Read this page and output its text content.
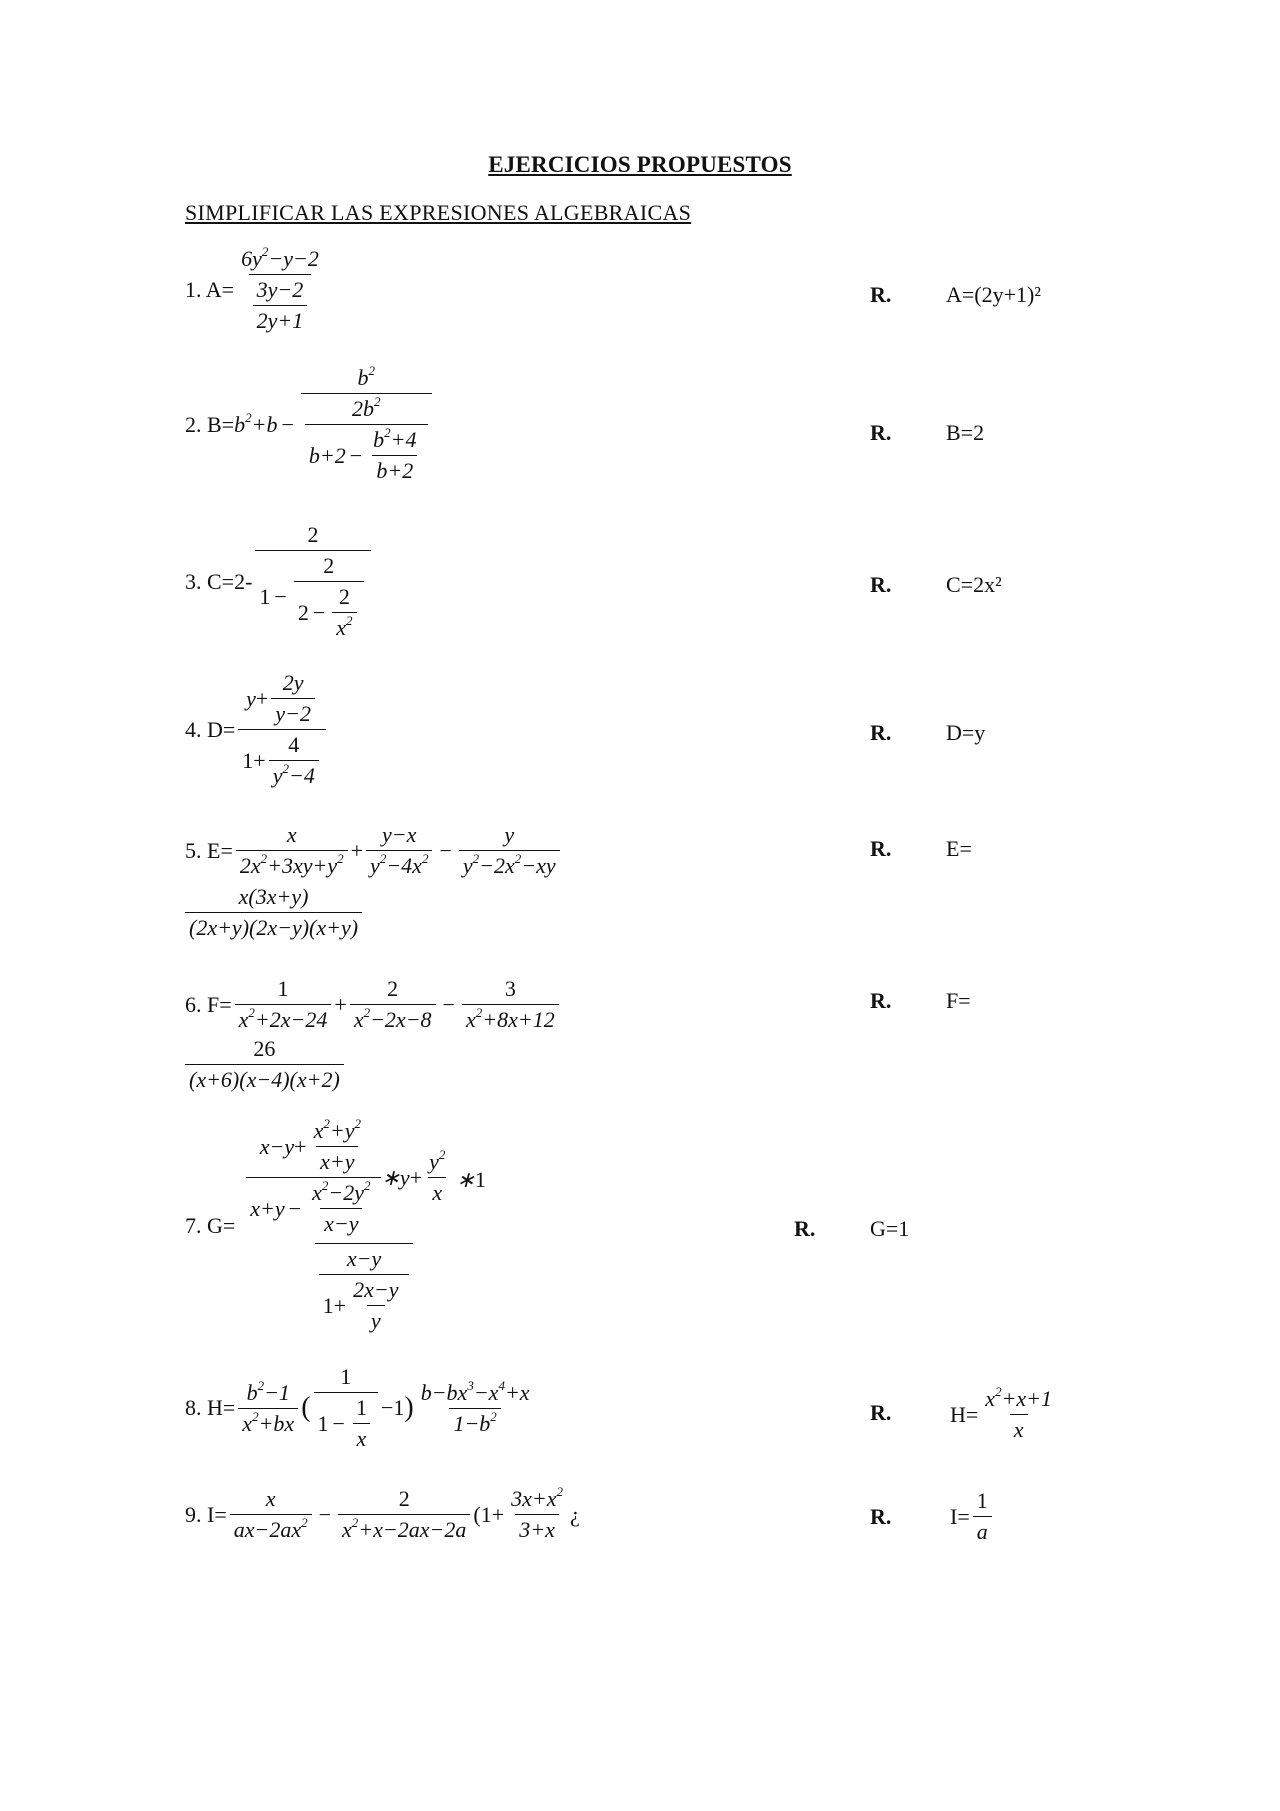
EJERCICIOS PROPUESTOS
SIMPLIFICAR LAS EXPRESIONES ALGEBRAICAS
1. $A= \frac{6y^2-y-2}{\frac{3y-2}{2y+1}}$	R. A=(2y+1)²
2. $B= b^2+b$ −
$b^2$
$\frac{2b^2}{b+2 - \frac{b^2+4}{b+2}}$	R. B=2
3. C=2-
2
$1 - \frac{2}{2 - \frac{2}{x^2}}$	R. C=2x²
4. $D= \frac{y + \frac{2y}{y-2}}{1+ \frac{4}{y^2-4}}$	R. D=y
5. $E= \frac{x}{2x^2+3xy+y^2} + \frac{y-x}{y^2-4x^2} - \frac{y}{y^2-2x^2-xy}$	R. E=
$\frac{x(3x+y)}{(2x+y)(2x-y)(x+y)}$
6. $F= \frac{1}{x^2+2x-24} + \frac{2}{x^2-2x-8} - \frac{3}{x^2+8x+12}$	R. F=
$\frac{26}{(x+6)(x-4)(x+2)}$
7. G=
$x-y + \frac{x^2+y^2}{x+y}$
$x+y - \frac{x^2-2y^2}{x-y}$
∗y + $\frac{y^2}{x}$ ∗ 1
$\frac{x-y}{1+ \frac{2x-y}{y}}$
R. G=1
8. $H= \frac{b^2-1}{x^2+bx}$ ( $\frac{1}{1 - \frac{1}{x}} -1$ ) $\frac{b-bx^3-x^4+x}{1-b^2}$	R.	$H= \frac{x^2+x+1}{x}$
9. $I= \frac{x}{ax-2ax^2} - \frac{2}{x^2+x-2ax-2a} (1+ \frac{3x+x^2}{3+x}$ ¿	R.	$I= \frac{1}{a}$
